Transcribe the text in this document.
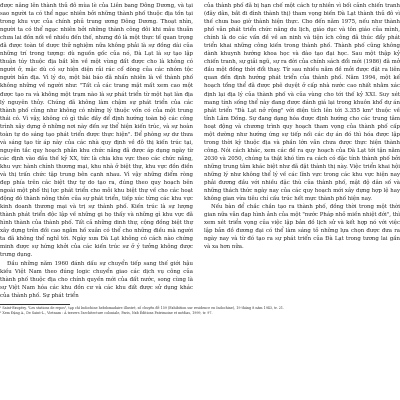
được nâng lên thành thủ đô mùa lè của Liên bang Đông Dương, và tại sao người ta có thể ngạc nhiên bởi những thành phố thuộc địa tồn tại trong khu vực của chính phủ trung ương Đông Dương. Thoạt nhìn, người ta có thể ngạc nhiên bởi những thành công đôi khi mâu thuẫn chưa lai đồn nối về nhiều đến thế, nhưng đó là một thực tế quan trọng đã được toàn tế dược thử nghiệm nữa không phải là sự đồng dài của những trí trong tượng: dù nguồn gốc của nó, Đà Lạt là sự tạo lập thuận túy thuộc địa bắt lên về một vùng đất được cho là không có người ở, mặc dù có sự hiện diện rải rác cổ dòng của các nhóm tộc người bản địa. Vì lý do, một bài báo đã nhấn nhiên là về thành phố không những về người như: "Tất cả các trang mặt mất xem cao một được tạo ra và không một trạm nào là sự phát triển từ một hạt làn địa lý nguyên thủy. Chúng đã không làm chậm sự phát triển của các thành phố cũng như không có những lý thuộc vốn có của một trung thái có. Vì vậy, không có gì thắc đầy để định hướng toàn bộ các công trình xây dựng ở những nơi này đến sự thể hiện kiến trúc, và sự hoàn toàn tự do sáng tạo phát triển được thực hiện". Để phòng sự dư thưa và sáng tạo từ áp này của các nhà quy định về đô thị kiến trúc tại, nguyên tắc quy hoạch phân khu chức năng đã được áp dụng ngày từ các định vào đầu thế kỷ XX, tức là chia khu vực theo các chức năng, khu vực hành chính thương mại, khu nhà ở biệt thự, khu vực đồn điền và thị trấn chức tập trung bên cạnh nhau. Vì vậy những điểm ròng đẹp phía trên các biệt thự tự do tạo ra, đúng theo quy hoạch bên ngoài một phố thị lực phát triển cho mỗi khu biệt thự về cho các hoạt động đó thành nông thôn của sự phát triển, tiếp xúc từng các khu vực kinh doanh thương mại và trị sự thành phố. Kiến trúc là sự lượng thành phát triển độc lập về những gi họ thấy và những gì khu vực đã hình thành của thành phố. Tất cả những dinh thự, cộng đồng biệt thự xây dựng trên đồi cao ngắm hồ xuân có thể cho những điều mà người ta đã không thể nghĩ tới. Ngày xưa Đà Lạt không có cách nào chứng minh được sự hứng khởi của các kiến trúc sư ở ý tưởng không được trưng dụng.

Đầu những năm 1960 đánh dấu sự chuyển tiếp sang thế giới hậu kiều Việt Nam theo đúng logic chuyển giao các dịch vụ công của thành phố thuộc địa cho chính quyền mới của đất nước, song cùng là sự Việt Nam hóa các khu đồn cư và các khu đất được sử dụng khác của thành phố. Sự phát triển

của thành phố đã bị hạn chế một cách tự nhiên vì bối cảnh chiến tranh (đây dân, bắt đi đình thành thị) tham vọng biến Đà Lạt thành thủ đô vì thế chưa bao giờ thành hiện thực. Cho đến năm 1975, nếu như thành phố vẫn phát triển chức năng du lịch, giáo dục và tôn giáo của mình, chính là do các vấn đề về an ninh và tiện ích công đã thúc đẩy phát triển khai những công kiến trong thành phố. Thành phố cũng không dành khuynh hướng khoa học và đào tạo đại học. Sau một thập kỷ chiến tranh, sự giải ngũ, sự ra đời của chính sách đổi mới (1986) đã mở đầu một đồng thời đổi thay. Từ sau nhiều năm đề mởi được đặt ra liên quan đến định hướng phát triển của thành phố. Năm 1994, một kế hoạch tổng thể đã được phê duyệt ở cấp nhà nước cao nhất nhằm xác định lại địa lý của thành phố và của vùng cho tới thế kỷ XXI. Suy xét mang tính sống thể này đang được đánh giá lại trong khuôn khổ dự án phát triển "Đà Lạt nở rộng" với diện tích lên tới 3.355 km² thuộc về tỉnh Lâm Đồng. Sự đang dạng hóa được định hướng cho các trung tâm hoạt động và chương trình quy hoạch tham vọng của thành phố cấp một dường như hướng ứng sự tiếp nối các dự án đó thì hóa được lập trong thời kỳ thuộc địa và phần lớn vẫn chưa được thực hiện thành công. Nói cách khác, xem các đề ra quy hoạch của Đà Lạt tới tận năm 2030 và 2050, chúng ta thật khó tìm ra cách có đặc tính thành phố bởi những trung tâm khác biệt như đã đặt thành thị này. Việc triển khai hội những lý như không thể lý về các lĩnh vực trong các khu vực hiện nay phải đương đầu với nhiều đặc thù của thành phố, mật độ dân số và những thách thức ngày nay của các quy hoạch mới xây dựng hợp lệ hay không gian vừa tiêu chí cấu trúc hết mực thành phố hiện nay.

Nếu bàn để chắc chắn tạo ra thành phố, đồng thời trong một thời gian nữa vẫn đạp hình ảnh của một "nước Pháp nhỏ miền nhiệt đới", thì xem xét triển vọng của việc lập bản đồ lịch sử và kết hợp nó với việc lập bản đồ đương đại có thể làm sáng tỏ những lựa chọn được đưa ra ngày nay và từ đó tạo ra sự phát triển của Đà Lạt trong tương lai gần và xa hơn nữa.

¹ Saint-Exupéry, "Les stations de repos", tạp chí Indochine hebdomadaire illustré, số chuyên đề 159 (Exhibition sur residence en Indochine), 19 tháng 8 năm 1943, tr. 21.
² Xem Đặng A., De Saint-L., Vietnam : À travers l'architecture coloniale, Paris, Nxb Éditions Patrimoine et médias, 1999, tr. 97.
